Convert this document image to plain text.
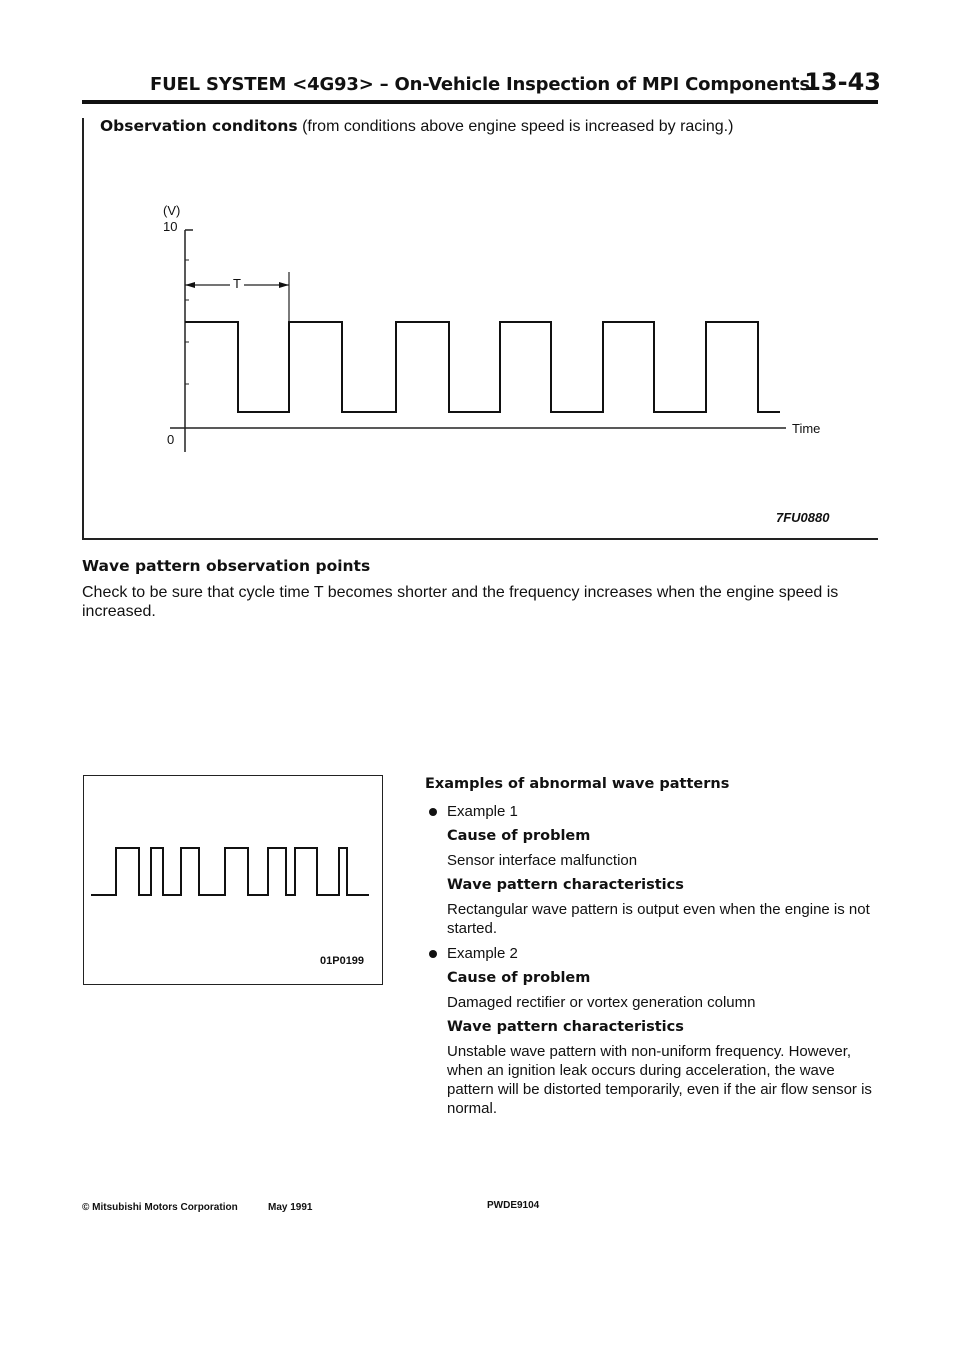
FUEL SYSTEM <4G93> – On-Vehicle Inspection of MPI Components
13-43
Observation conditons (from conditions above engine speed is increased by racing.)
(V)
10
0
Time
T
7FU0880
Wave pattern observation points
Check to be sure that cycle time T becomes shorter and the frequency increases when the engine speed is increased.
01P0199
Examples of abnormal wave patterns
Example 1
Cause of problem
Sensor interface malfunction
Wave pattern characteristics
Rectangular wave pattern is output even when the engine is not started.
Example 2
Cause of problem
Damaged rectifier or vortex generation column
Wave pattern characteristics
Unstable wave pattern with non-uniform frequency. However, when an ignition leak occurs during acceleration, the wave pattern will be distorted temporarily, even if the air flow sensor is normal.
© Mitsubishi Motors Corporation	May 1991	PWDE9104
